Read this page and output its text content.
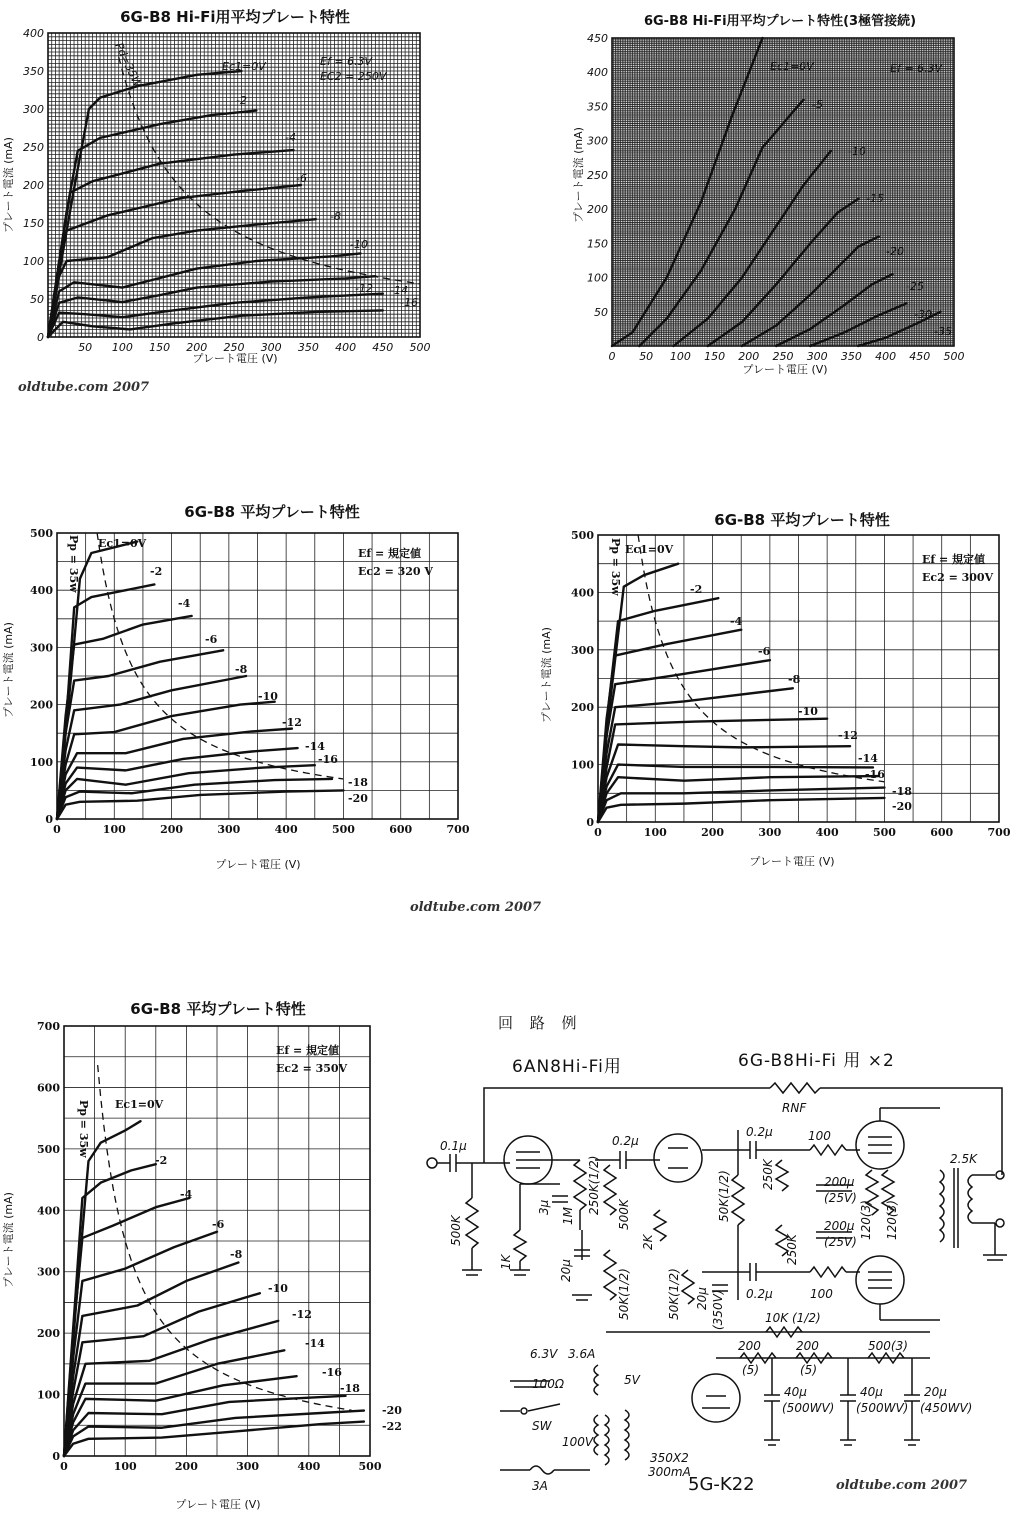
6G-B8 Hi-Fi用平均プレート特性
Ec1=0V
-2
-4
-6
-8
-10
-12 -14
-16
50 100 150 200 250 300 350 400 450 500
0
50
100
150
200
250
300
350
400
プレート電圧 (V)
プレート電流 (mA)
Ef = 6.3V
EC2 = 250V
Pd=35W
6G-B8 Hi-Fi用平均プレート特性(3極管接続)
Ec1=0V
-5
-10
-15
-20
-25
-30
-35
0 50 100 150 200 250 300 350 400 450 500
50
100
150
200
250
300
350
400
450
プレート電圧 (V)
プレート電流 (mA)
Ef = 6.3V
oldtube.com 2007
6G-B8 平均プレート特性
Ec1=0V
-2
-4
-6
-8
-10
-12
-14
-16
-18
-20
0	100	200	300	400	500	600	700
0
100
200
300
400
500
プレート電圧 (V)
プレート電流 (mA)
Ef = 規定値
Ec2 = 320 V
Pp = 35w
6G-B8 平均プレート特性
Ec1=0V
-2
-4
-6
-8
-10
-12
-14
-16
-18
-20
0	100	200	300	400	500	600	700
0
100
200
300
400
500
プレート電圧 (V)
プレート電流 (mA)
Ef = 規定値
Ec2 = 300V
Pp = 35w
oldtube.com 2007
6G-B8 平均プレート特性
Ec1=0V
-2
-4
-6
-8
-10
-12
-14
-16
-18
-20
-22
0	100	200	300	400	500
0
100
200
300
400
500
600
700
プレート電圧 (V)
プレート電流 (mA)
Ef = 規定値
Ec2 = 350V
Pp = 35w
回 路 例
6AN8Hi-Fi用	6G-B8Hi-Fi 用 ×2
RNF
0.1μ
500K
1K
3μ	250K(1/2)
1M
20μ
500K
50K(1/2)
0.2μ
2K
50K(1/2) 20μ (350V)
50K(1/2)
0.2μ	100
0.2μ	100
250K
250K
200μ
(25V)
200μ
(25V)
120(3) 120(3)
2.5K
10K (1/2)
200
(5)
200
(5)
500(3)
40μ
(500WV)
40μ
(500WV)
20μ
(450WV)
6.3V 3.6A
5V
100Ω
SW
100V
3A
350X2
300mA
5G-K22	oldtube.com 2007
